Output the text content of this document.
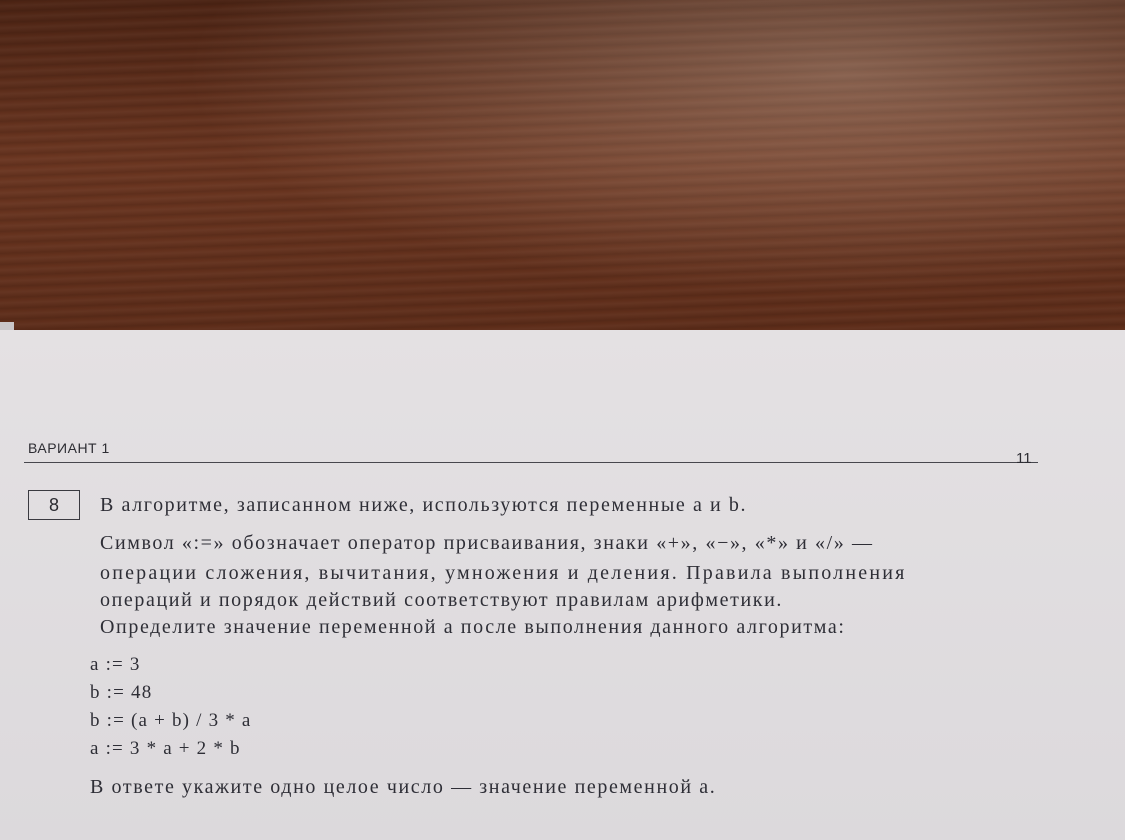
ВАРИАНТ 1
11
8 В алгоритме, записанном ниже, используются переменные a и b.
Символ «:=» обозначает оператор присваивания, знаки «+», «−», «*» и «/» —
операции сложения, вычитания, умножения и деления. Правила выполнения
операций и порядок действий соответствуют правилам арифметики.
Определите значение переменной a после выполнения данного алгоритма:
a := 3
b := 48
b := (a + b) / 3 * a
a := 3 * a + 2 * b
В ответе укажите одно целое число — значение переменной a.
